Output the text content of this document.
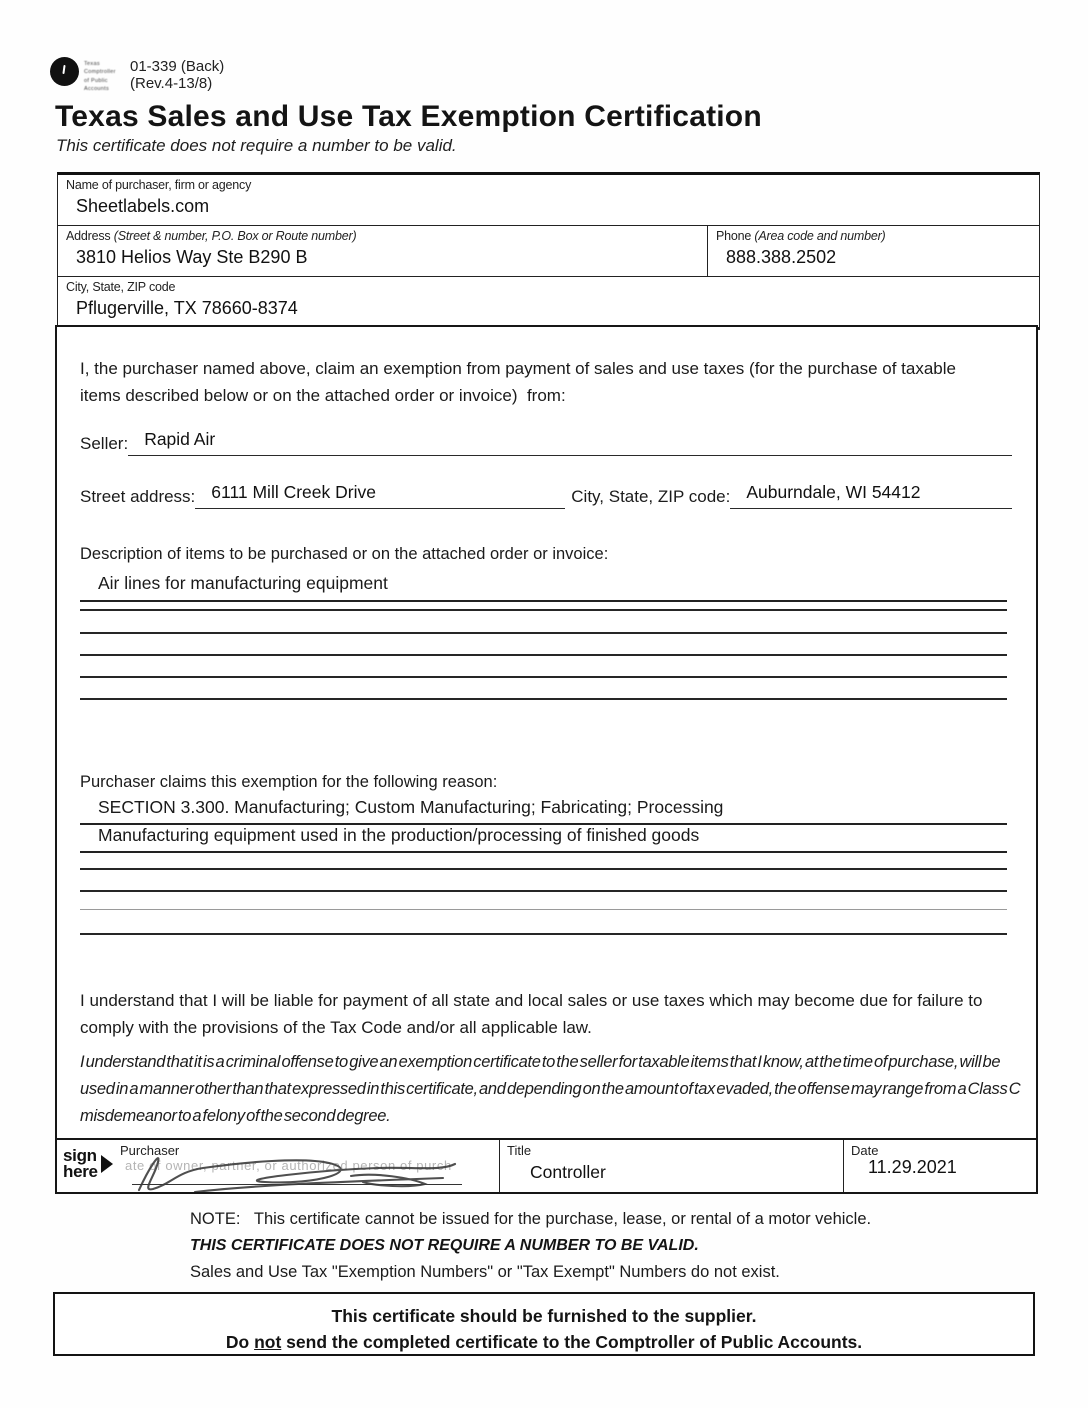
Texas Comptroller
of Public Accounts
01-339 (Back)
(Rev.4-13/8)
Texas Sales and Use Tax Exemption Certification
This certificate does not require a number to be valid.
Name of purchaser, firm or agency
Sheetlabels.com
Address (Street & number, P.O. Box or Route number)
3810 Helios Way Ste B290 B
Phone (Area code and number)
888.388.2502
City, State, ZIP code
Pflugerville, TX 78660-8374

I, the purchaser named above, claim an exemption from payment of sales and use taxes (for the purchase of taxable items described below or on the attached order or invoice)  from:

Seller: Rapid Air
Street address: 6111 Mill Creek Drive	City, State, ZIP code: Auburndale, WI 54412
Description of items to be purchased or on the attached order or invoice:
Air lines for manufacturing equipment
Purchaser claims this exemption for the following reason:
SECTION 3.300. Manufacturing; Custom Manufacturing; Fabricating; Processing
Manufacturing equipment used in the production/processing of finished goods

I understand that I will be liable for payment of all state and local sales or use taxes which may become due for failure to comply with the provisions of the Tax Code and/or all applicable law.

I understand that it is a criminal offense to give an exemption certificate to the seller for taxable items that I know, at the time of purchase, will be used in a manner other than that expressed in this certificate, and depending on the amount of tax evaded, the offense may range from a Class C misdemeanor to a felony of the second degree.

sign
here
Purchaser
ate of owner, partner, or authorized person of purch
Title
Controller
Date
11.29.2021
NOTE:   This certificate cannot be issued for the purchase, lease, or rental of a motor vehicle.
THIS CERTIFICATE DOES NOT REQUIRE A NUMBER TO BE VALID.
Sales and Use Tax "Exemption Numbers" or "Tax Exempt" Numbers do not exist.
This certificate should be furnished to the supplier.
Do not send the completed certificate to the Comptroller of Public Accounts.
